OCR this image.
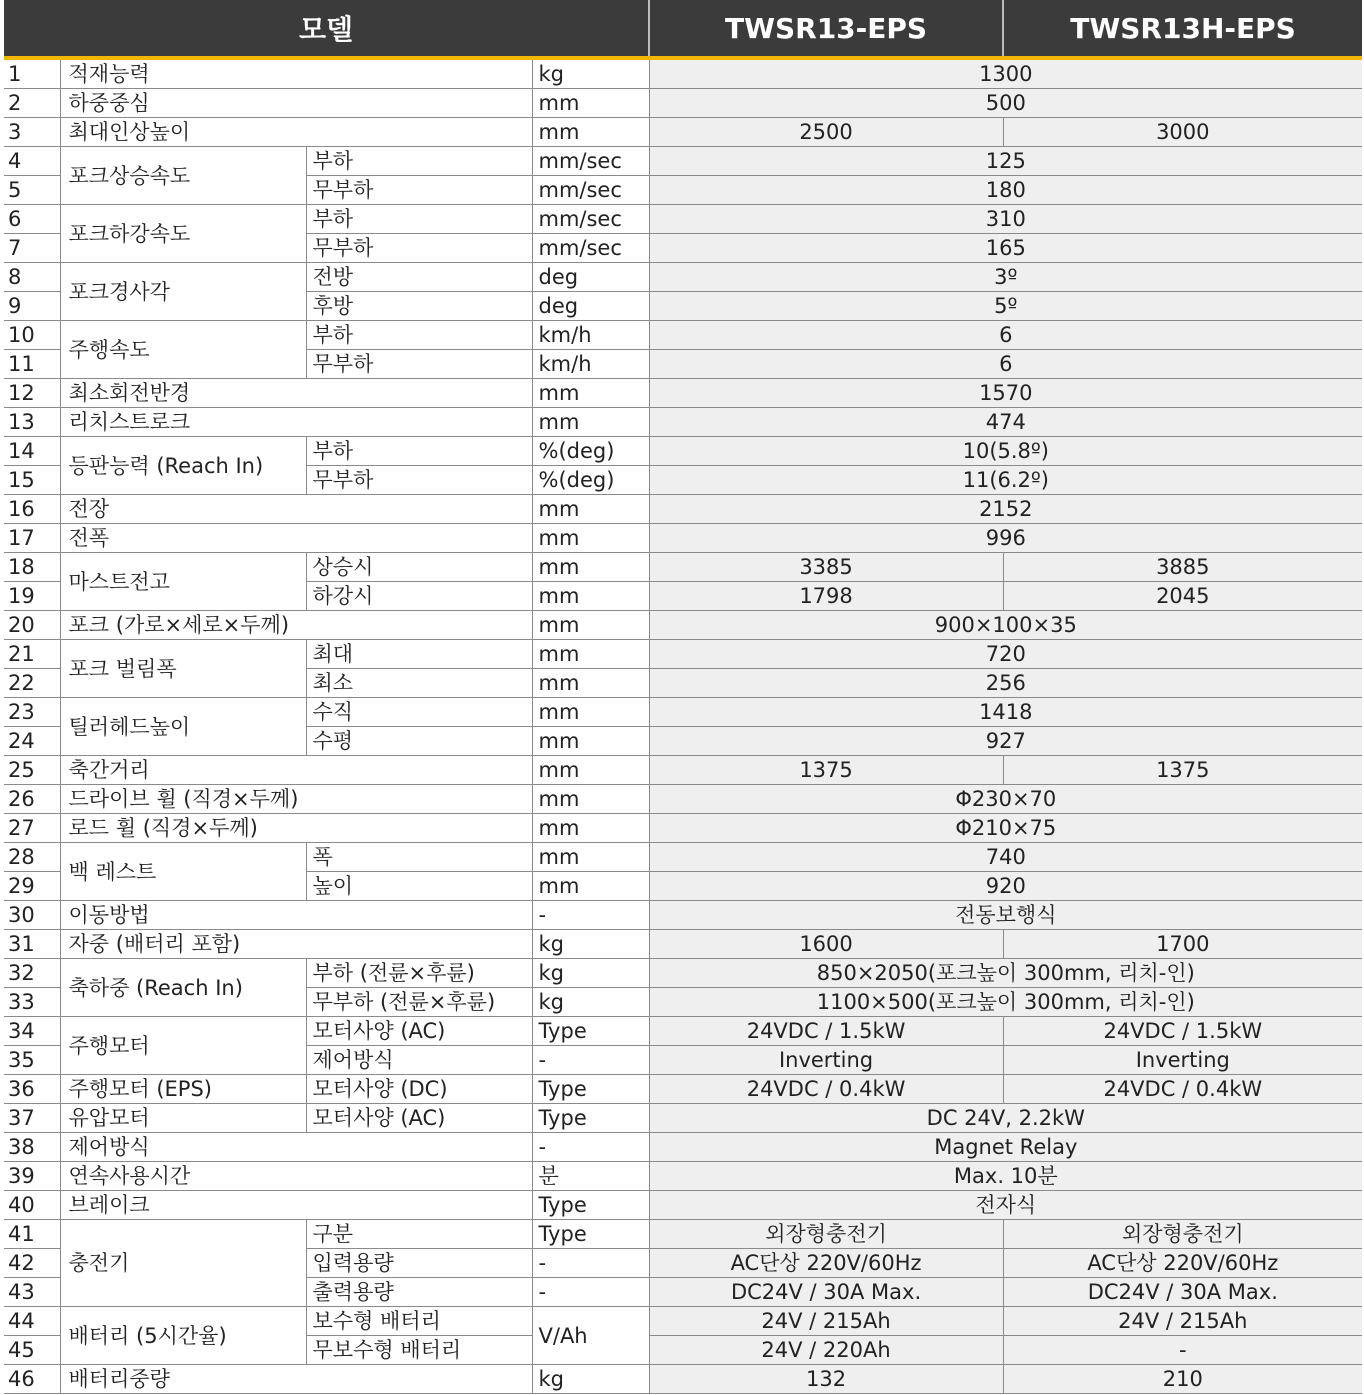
모델				TWSR13-EPS	TWSR13H-EPS
1	적재능력		kg	1300	
2	하중중심		mm	500	
3	최대인상높이		mm	2500	3000
4	포크상승속도	부하	mm/sec	125	
5		무부하	mm/sec	180	
6	포크하강속도	부하	mm/sec	310	
7		무부하	mm/sec	165	
8	포크경사각	전방	deg	3º	
9		후방	deg	5º	
10	주행속도	부하	km/h	6	
11		무부하	km/h	6	
12	최소회전반경		mm	1570	
13	리치스트로크		mm	474	
14	등판능력 (Reach In)	부하	%(deg)	10(5.8º)	
15		무부하	%(deg)	11(6.2º)	
16	전장		mm	2152	
17	전폭		mm	996	
18	마스트전고	상승시	mm	3385	3885
19		하강시	mm	1798	2045
20	포크 (가로×세로×두께)		mm	900×100×35	
21	포크 벌림폭	최대	mm	720	
22		최소	mm	256	
23	틸러헤드높이	수직	mm	1418	
24		수평	mm	927	
25	축간거리		mm	1375	1375
26	드라이브 휠 (직경×두께)		mm	Φ230×70	
27	로드 휠 (직경×두께)		mm	Φ210×75	
28	백 레스트	폭	mm	740	
29		높이	mm	920	
30	이동방법		-	전동보행식	
31	자중 (배터리 포함)		kg	1600	1700
32	축하중 (Reach In)	부하 (전륜×후륜)	kg	850×2050(포크높이 300mm, 리치-인)	
33		무부하 (전륜×후륜)	kg	1100×500(포크높이 300mm, 리치-인)	
34	주행모터	모터사양 (AC)	Type	24VDC / 1.5kW	24VDC / 1.5kW
35		제어방식	-	Inverting	Inverting
36	주행모터 (EPS)	모터사양 (DC)	Type	24VDC / 0.4kW	24VDC / 0.4kW
37	유압모터	모터사양 (AC)	Type	DC 24V, 2.2kW	
38	제어방식		-	Magnet Relay	
39	연속사용시간		분	Max. 10분	
40	브레이크		Type	전자식	
41	충전기	구분	Type	외장형충전기	외장형충전기
42		입력용량	-	AC단상 220V/60Hz	AC단상 220V/60Hz
43		출력용량	-	DC24V / 30A Max.	DC24V / 30A Max.
44	배터리 (5시간율)	보수형 배터리	V/Ah	24V / 215Ah	24V / 215Ah
45		무보수형 배터리		24V / 220Ah	-
46	배터리중량		kg	132	210
